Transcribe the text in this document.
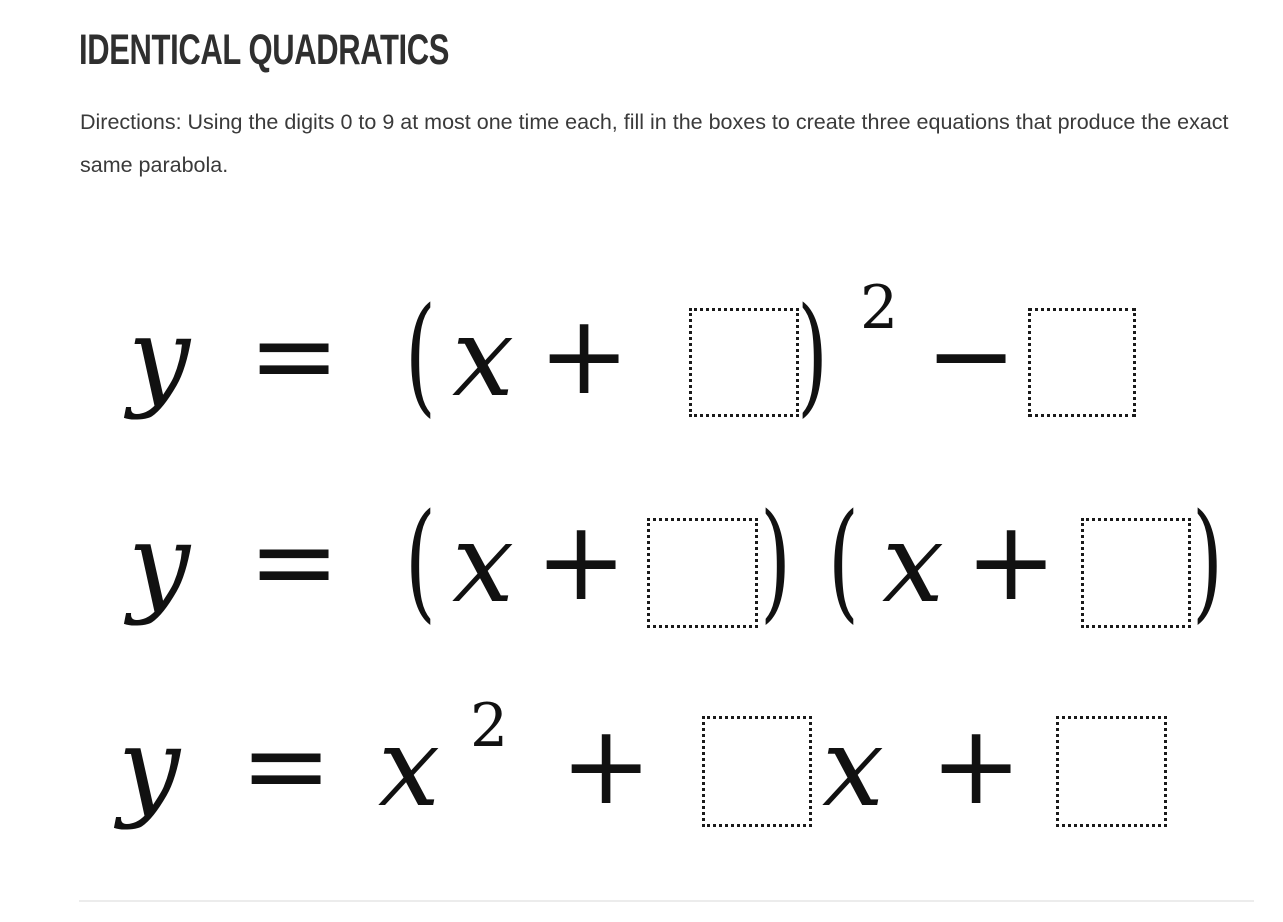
IDENTICAL QUADRATICS

Directions: Using the digits 0 to 9 at most one time each, fill in the boxes to create three equations that produce the exact same parabola.

y = ( x + ) 2 −
y = ( x + ) ( x + )
y = x 2 + x +
